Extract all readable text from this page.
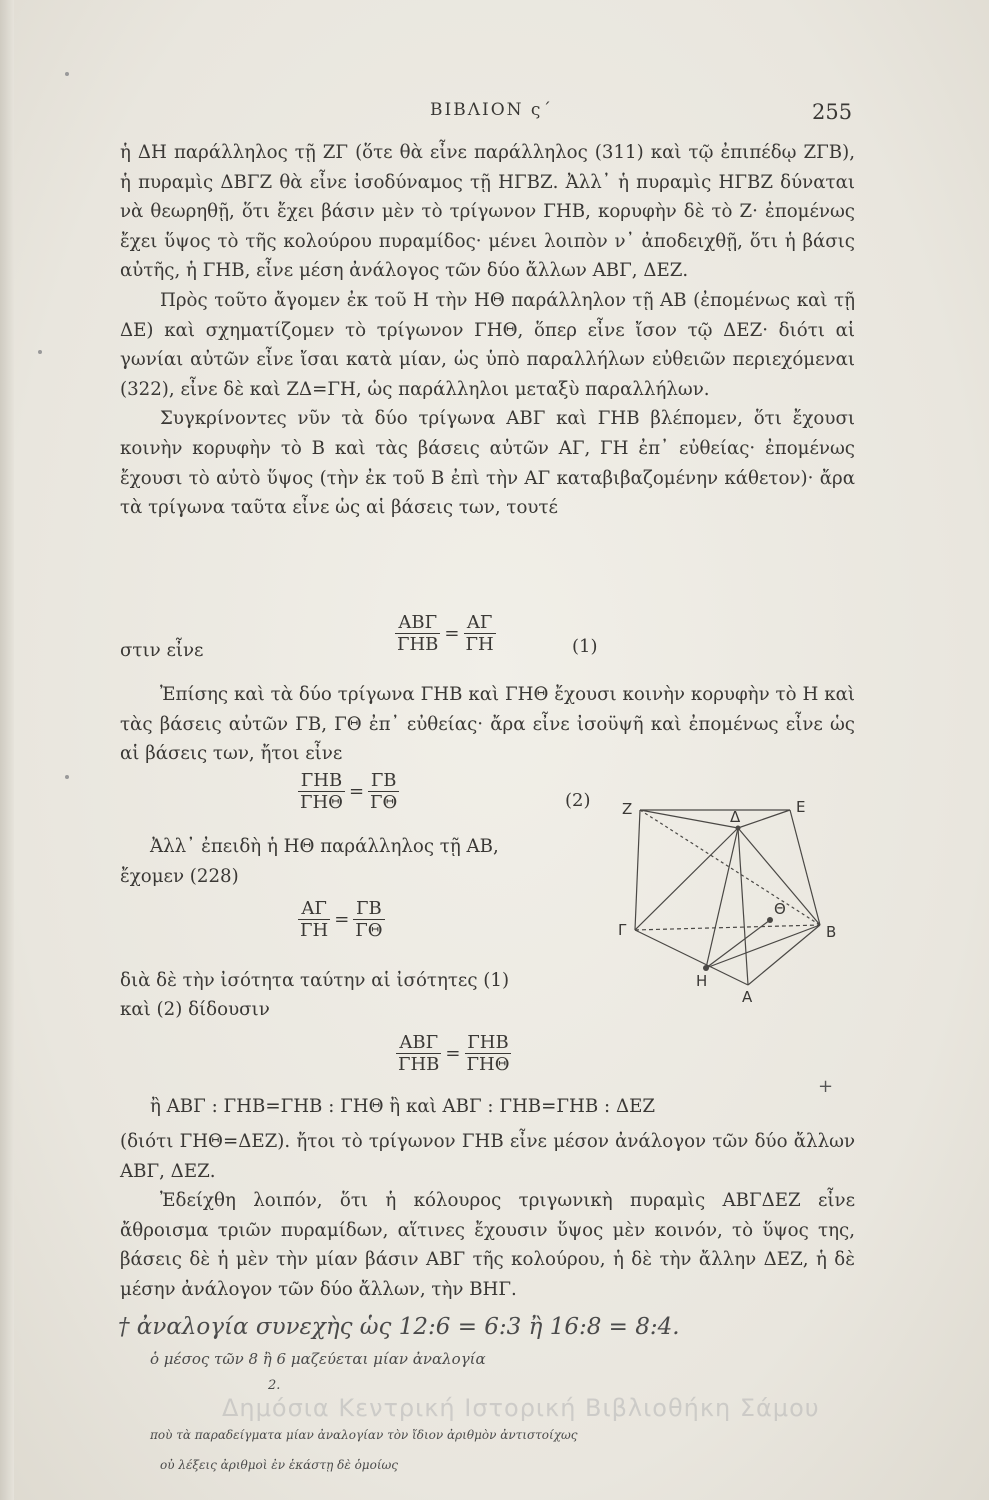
ΒΙΒΛΙΟΝ ς΄	255

ἡ ΔΗ παράλληλος τῇ ΖΓ (ὅτε θὰ εἶνε παράλληλος (311) καὶ τῷ ἐπιπέδῳ ΖΓΒ), ἡ πυραμὶς ΔΒΓΖ θὰ εἶνε ἰσοδύναμος τῇ ΗΓΒΖ. Ἀλλ᾽ ἡ πυραμὶς ΗΓΒΖ δύναται νὰ θεωρηθῇ, ὅτι ἔχει βάσιν μὲν τὸ τρίγωνον ΓΗΒ, κορυφὴν δὲ τὸ Ζ· ἐπομένως ἔχει ὕψος τὸ τῆς κολούρου πυραμίδος· μένει λοιπὸν ν᾽ ἀποδειχθῇ, ὅτι ἡ βάσις αὐτῆς, ἡ ΓΗΒ, εἶνε μέση ἀνάλογος τῶν δύο ἄλλων ΑΒΓ, ΔΕΖ.

Πρὸς τοῦτο ἄγομεν ἐκ τοῦ Η τὴν ΗΘ παράλληλον τῇ ΑΒ (ἐπομένως καὶ τῇ ΔΕ) καὶ σχηματίζομεν τὸ τρίγωνον ΓΗΘ, ὅπερ εἶνε ἴσον τῷ ΔΕΖ· διότι αἱ γωνίαι αὐτῶν εἶνε ἴσαι κατὰ μίαν, ὡς ὑπὸ παραλλήλων εὐθειῶν περιεχόμεναι (322), εἶνε δὲ καὶ ΖΔ=ΓΗ, ὡς παράλληλοι μεταξὺ παραλλήλων.

Συγκρίνοντες νῦν τὰ δύο τρίγωνα ΑΒΓ καὶ ΓΗΒ βλέπομεν, ὅτι ἔχουσι κοινὴν κορυφὴν τὸ Β καὶ τὰς βάσεις αὐτῶν ΑΓ, ΓΗ ἐπ᾽ εὐθείας· ἐπομένως ἔχουσι τὸ αὐτὸ ὕψος (τὴν ἐκ τοῦ Β ἐπὶ τὴν ΑΓ καταβιβαζομένην κάθετον)· ἄρα τὰ τρίγωνα ταῦτα εἶνε ὡς αἱ βάσεις των, τουτέ

στιν εἶνε	$\frac{\text{ΑΒΓ}}{\text{ΓΗΒ}} = \frac{A\Gamma}{\Gamma H}$	(1)

Ἐπίσης καὶ τὰ δύο τρίγωνα ΓΗΒ καὶ ΓΗΘ ἔχουσι κοινὴν κορυφὴν τὸ Η καὶ τὰς βάσεις αὐτῶν ΓΒ, ΓΘ ἐπ᾽ εὐθείας· ἄρα εἶνε ἰσοϋψῆ καὶ ἐπομένως εἶνε ὡς αἱ βάσεις των, ἤτοι εἶνε

$\frac{\text{ΓΗΒ}}{\text{ΓΗΘ}} = \frac{\Gamma B}{\Gamma\Theta}$	(2)
Ἀλλ᾽ ἐπειδὴ ἡ ΗΘ παράλληλος τῇ ΑΒ,
ἔχομεν (228)
$\frac{A\Gamma}{\Gamma H} = \frac{\Gamma B}{\Gamma\Theta}$
διὰ δὲ τὴν ἰσότητα ταύτην αἱ ἰσότητες (1)
καὶ (2) δίδουσιν
$\frac{\text{ΑΒΓ}}{\text{ΓΗΒ}} = \frac{\text{ΓΗΒ}}{\text{ΓΗΘ}}$
ἢ ΑΒΓ : ΓΗΒ=ΓΗΒ : ΓΗΘ ἢ καὶ ΑΒΓ : ΓΗΒ=ΓΗΒ : ΔΕΖ
+

(διότι ΓΗΘ=ΔΕΖ). ἤτοι τὸ τρίγωνον ΓΗΒ εἶνε μέσον ἀνάλογον τῶν δύο ἄλλων ΑΒΓ, ΔΕΖ.

Ἐδείχθη λοιπόν, ὅτι ἡ κόλουρος τριγωνικὴ πυραμὶς ΑΒΓΔΕΖ εἶνε ἄθροισμα τριῶν πυραμίδων, αἵτινες ἔχουσιν ὕψος μὲν κοινόν, τὸ ὕψος της, βάσεις δὲ ἡ μὲν τὴν μίαν βάσιν ΑΒΓ τῆς κολούρου, ἡ δὲ τὴν ἄλλην ΔΕΖ, ἡ δὲ μέσην ἀνάλογον τῶν δύο ἄλλων, τὴν ΒΗΓ.

Z	E
Δ
Γ	B
Θ
H
A
† ἀναλογία συνεχὴς ὡς 12:6 = 6:3 ἢ 16:8 = 8:4.
ὁ μέσος τῶν 8 ἢ 6 μαζεύεται μίαν ἀναλογία
2.
ποὺ τὰ παραδείγματα μίαν ἀναλογίαν τὸν ἴδιον ἀριθμὸν ἀντιστοίχως
οὐ λέξεις ἀριθμοὶ ἐν ἑκάστῃ δὲ ὁμοίως
Δημόσια Κεντρική Ιστορική Βιβλιοθήκη Σάμου
